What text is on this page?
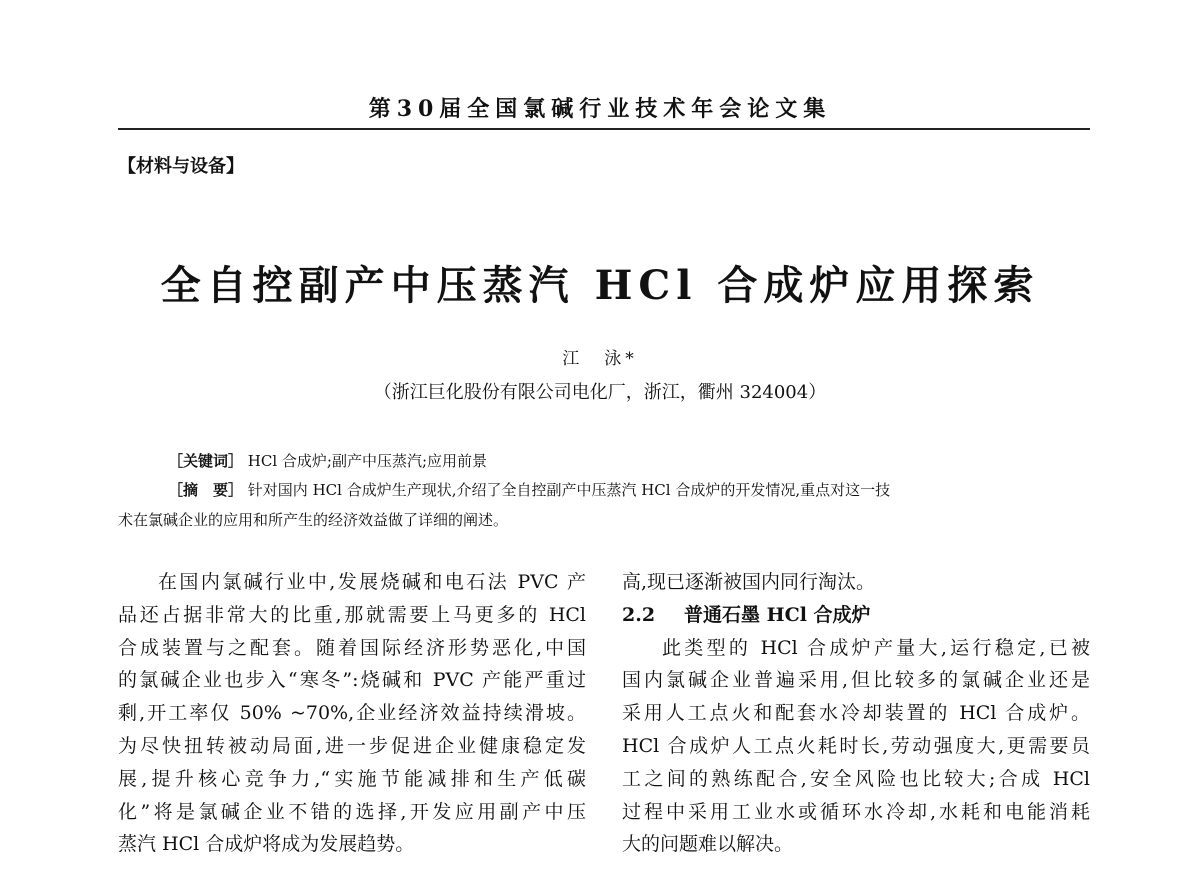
第30届全国氯碱行业技术年会论文集
【材料与设备】
全自控副产中压蒸汽 HCl 合成炉应用探索
江　泳*
（浙江巨化股份有限公司电化厂，浙江，衢州 324004）
［关键词］ HCl 合成炉;副产中压蒸汽;应用前景
［摘　要］ 针对国内 HCl 合成炉生产现状,介绍了全自控副产中压蒸汽 HCl 合成炉的开发情况,重点对这一技
术在氯碱企业的应用和所产生的经济效益做了详细的阐述。
在国内氯碱行业中,发展烧碱和电石法 PVC 产
品还占据非常大的比重,那就需要上马更多的 HCl
合成装置与之配套。随着国际经济形势恶化,中国
的氯碱企业也步入“寒冬”:烧碱和 PVC 产能严重过
剩,开工率仅 50% ~70%,企业经济效益持续滑坡。
为尽快扭转被动局面,进一步促进企业健康稳定发
展,提升核心竞争力,“实施节能减排和生产低碳
化”将是氯碱企业不错的选择,开发应用副产中压
蒸汽 HCl 合成炉将成为发展趋势。
高,现已逐渐被国内同行淘汰。
2.2 普通石墨 HCl 合成炉
此类型的 HCl 合成炉产量大,运行稳定,已被
国内氯碱企业普遍采用,但比较多的氯碱企业还是
采用人工点火和配套水冷却装置的 HCl 合成炉。
HCl 合成炉人工点火耗时长,劳动强度大,更需要员
工之间的熟练配合,安全风险也比较大;合成 HCl
过程中采用工业水或循环水冷却,水耗和电能消耗
大的问题难以解决。
